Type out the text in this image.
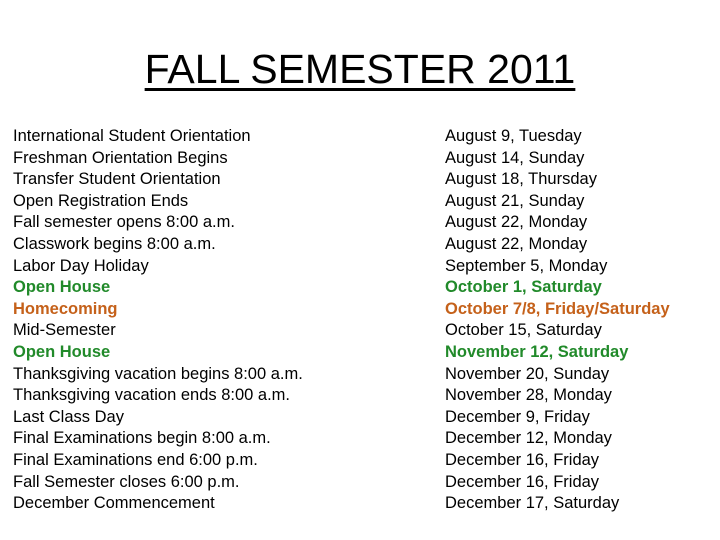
FALL SEMESTER 2011
International Student Orientation
Freshman Orientation Begins
Transfer Student Orientation
Open Registration Ends
Fall semester opens 8:00 a.m.
Classwork begins 8:00 a.m.
Labor Day Holiday
Open House
Homecoming
Mid-Semester
Open House
Thanksgiving vacation begins 8:00 a.m.
Thanksgiving vacation ends 8:00 a.m.
Last Class Day
Final Examinations begin 8:00 a.m.
Final Examinations end 6:00 p.m.
Fall Semester closes 6:00 p.m.
December Commencement
August 9, Tuesday
August 14, Sunday
August 18, Thursday
August 21, Sunday
August 22, Monday
August 22, Monday
September 5, Monday
October 1, Saturday
October 7/8, Friday/Saturday
October 15, Saturday
November 12, Saturday
November 20, Sunday
November 28, Monday
December 9, Friday
December 12, Monday
December 16, Friday
December 16, Friday
December 17, Saturday
